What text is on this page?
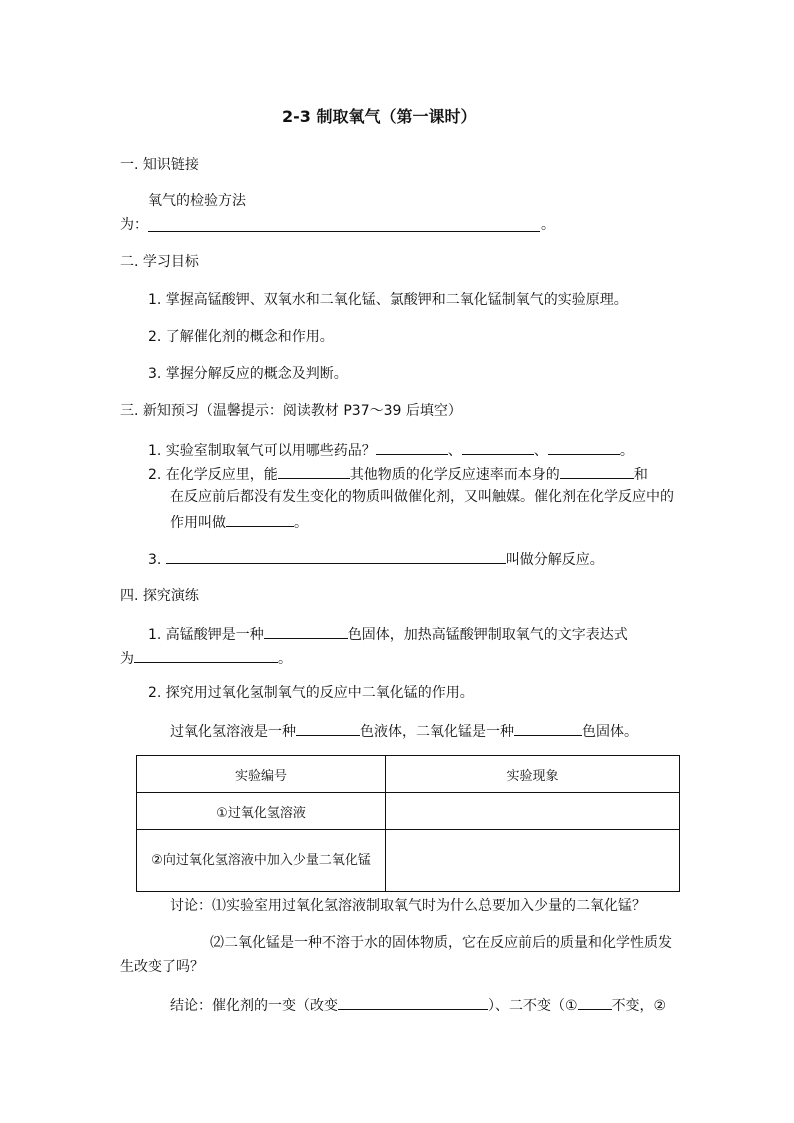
2-3 制取氧气（第一课时）
一. 知识链接
氧气的检验方法
为：	。
二. 学习目标
1. 掌握高锰酸钾、双氧水和二氧化锰、氯酸钾和二氧化锰制氧气的实验原理。
2. 了解催化剂的概念和作用。
3. 掌握分解反应的概念及判断。
三. 新知预习（温馨提示：阅读教材 P37～39 后填空）
1. 实验室制取氧气可以用哪些药品？	、	、	。
2. 在化学反应里，能	其他物质的化学反应速率而本身的	和
在反应前后都没有发生变化的物质叫做催化剂，又叫触媒。催化剂在化学反应中的
作用叫做	。
3.	叫做分解反应。
四. 探究演练
1. 高锰酸钾是一种	色固体，加热高锰酸钾制取氧气的文字表达式
为	。
2. 探究用过氧化氢制氧气的反应中二氧化锰的作用。
过氧化氢溶液是一种	色液体，二氧化锰是一种	色固体。
实验编号	实验现象
①过氧化氢溶液	
②向过氧化氢溶液中加入少量二氧化锰	
讨论：⑴实验室用过氧化氢溶液制取氧气时为什么总要加入少量的二氧化锰？
⑵二氧化锰是一种不溶于水的固体物质，它在反应前后的质量和化学性质发
生改变了吗？
结论：催化剂的一变（改变	）、二不变（① 不变，②
